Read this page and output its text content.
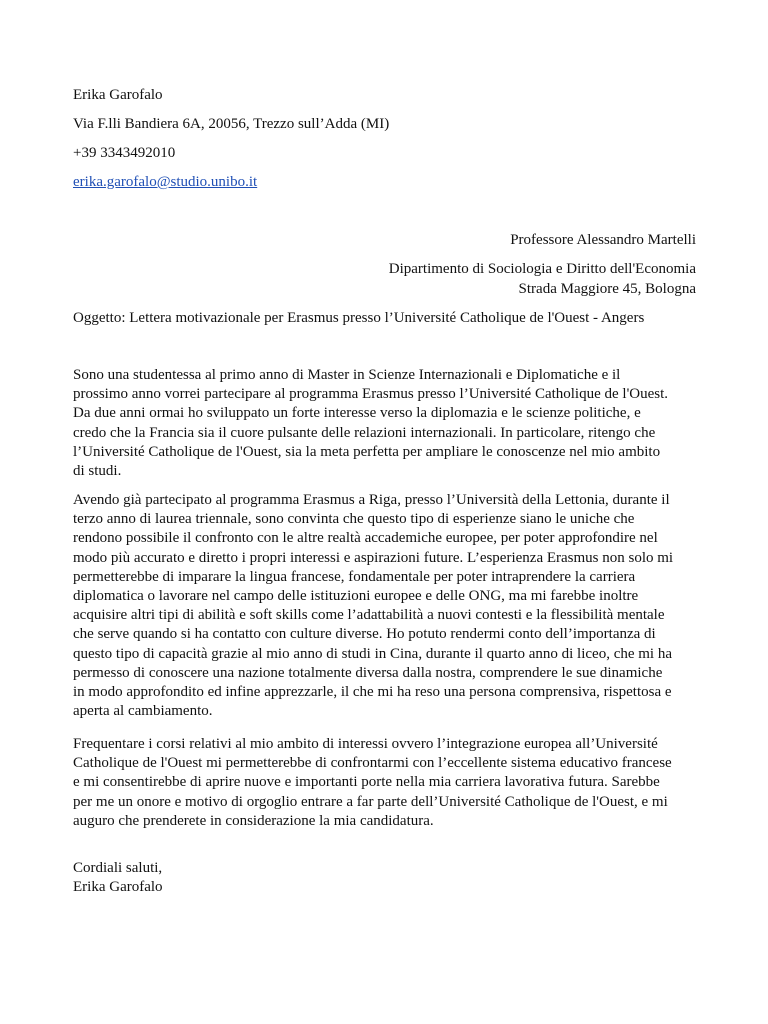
Erika Garofalo
Via F.lli Bandiera 6A, 20056, Trezzo sull’Adda (MI)
+39 3343492010
erika.garofalo@studio.unibo.it
Professore Alessandro Martelli
Dipartimento di Sociologia e Diritto dell'Economia
Strada Maggiore 45, Bologna
Oggetto: Lettera motivazionale per Erasmus presso l’Université Catholique de l'Ouest - Angers
Sono una studentessa al primo anno di Master in Scienze Internazionali e Diplomatiche e il
prossimo anno vorrei partecipare al programma Erasmus presso l’Université Catholique de l'Ouest.
Da due anni ormai ho sviluppato un forte interesse verso la diplomazia e le scienze politiche, e
credo che la Francia sia il cuore pulsante delle relazioni internazionali. In particolare, ritengo che
l’Université Catholique de l'Ouest, sia la meta perfetta per ampliare le conoscenze nel mio ambito
di studi.
Avendo già partecipato al programma Erasmus a Riga, presso l’Università della Lettonia, durante il
terzo anno di laurea triennale, sono convinta che questo tipo di esperienze siano le uniche che
rendono possibile il confronto con le altre realtà accademiche europee, per poter approfondire nel
modo più accurato e diretto i propri interessi e aspirazioni future. L’esperienza Erasmus non solo mi
permetterebbe di imparare la lingua francese, fondamentale per poter intraprendere la carriera
diplomatica o lavorare nel campo delle istituzioni europee e delle ONG, ma mi farebbe inoltre
acquisire altri tipi di abilità e soft skills come l’adattabilità a nuovi contesti e la flessibilità mentale
che serve quando si ha contatto con culture diverse. Ho potuto rendermi conto dell’importanza di
questo tipo di capacità grazie al mio anno di studi in Cina, durante il quarto anno di liceo, che mi ha
permesso di conoscere una nazione totalmente diversa dalla nostra, comprendere le sue dinamiche
in modo approfondito ed infine apprezzarle, il che mi ha reso una persona comprensiva, rispettosa e
aperta al cambiamento.
Frequentare i corsi relativi al mio ambito di interessi ovvero l’integrazione europea all’Université
Catholique de l'Ouest mi permetterebbe di confrontarmi con l’eccellente sistema educativo francese
e mi consentirebbe di aprire nuove e importanti porte nella mia carriera lavorativa futura. Sarebbe
per me un onore e motivo di orgoglio entrare a far parte dell’Université Catholique de l'Ouest, e mi
auguro che prenderete in considerazione la mia candidatura.
Cordiali saluti,
Erika Garofalo
